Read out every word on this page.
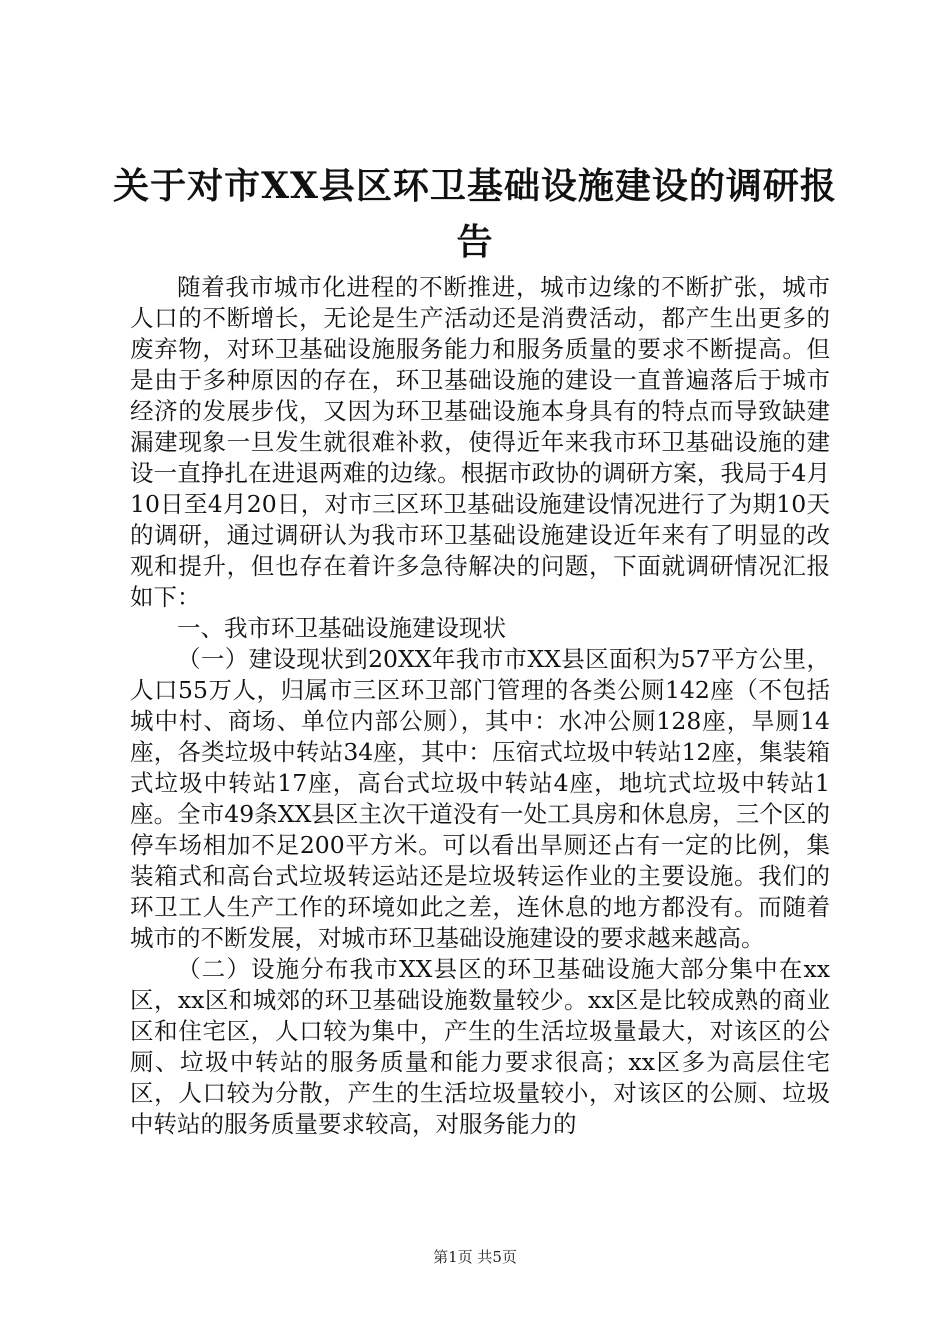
关于对市XX县区环卫基础设施建设的调研报告

随着我市城市化进程的不断推进，城市边缘的不断扩张，城市人口的不断增长，无论是生产活动还是消费活动，都产生出更多的废弃物，对环卫基础设施服务能力和服务质量的要求不断提高。但是由于多种原因的存在，环卫基础设施的建设一直普遍落后于城市经济的发展步伐，又因为环卫基础设施本身具有的特点而导致缺建漏建现象一旦发生就很难补救，使得近年来我市环卫基础设施的建设一直挣扎在进退两难的边缘。根据市政协的调研方案，我局于4月10日至4月20日，对市三区环卫基础设施建设情况进行了为期10天的调研，通过调研认为我市环卫基础设施建设近年来有了明显的改观和提升，但也存在着许多急待解决的问题，下面就调研情况汇报如下：

一、我市环卫基础设施建设现状

（一）建设现状到20XX年我市市XX县区面积为57平方公里，人口55万人，归属市三区环卫部门管理的各类公厕142座（不包括城中村、商场、单位内部公厕），其中：水冲公厕128座，旱厕14座，各类垃圾中转站34座，其中：压宿式垃圾中转站12座，集装箱式垃圾中转站17座，高台式垃圾中转站4座，地坑式垃圾中转站1座。全市49条XX县区主次干道没有一处工具房和休息房，三个区的停车场相加不足200平方米。可以看出旱厕还占有一定的比例，集装箱式和高台式垃圾转运站还是垃圾转运作业的主要设施。我们的环卫工人生产工作的环境如此之差，连休息的地方都没有。而随着城市的不断发展，对城市环卫基础设施建设的要求越来越高。

（二）设施分布我市XX县区的环卫基础设施大部分集中在xx区，xx区和城郊的环卫基础设施数量较少。xx区是比较成熟的商业区和住宅区，人口较为集中，产生的生活垃圾量最大，对该区的公厕、垃圾中转站的服务质量和能力要求很高；xx区多为高层住宅区，人口较为分散，产生的生活垃圾量较小，对该区的公厕、垃圾中转站的服务质量要求较高，对服务能力的

第1页 共5页
